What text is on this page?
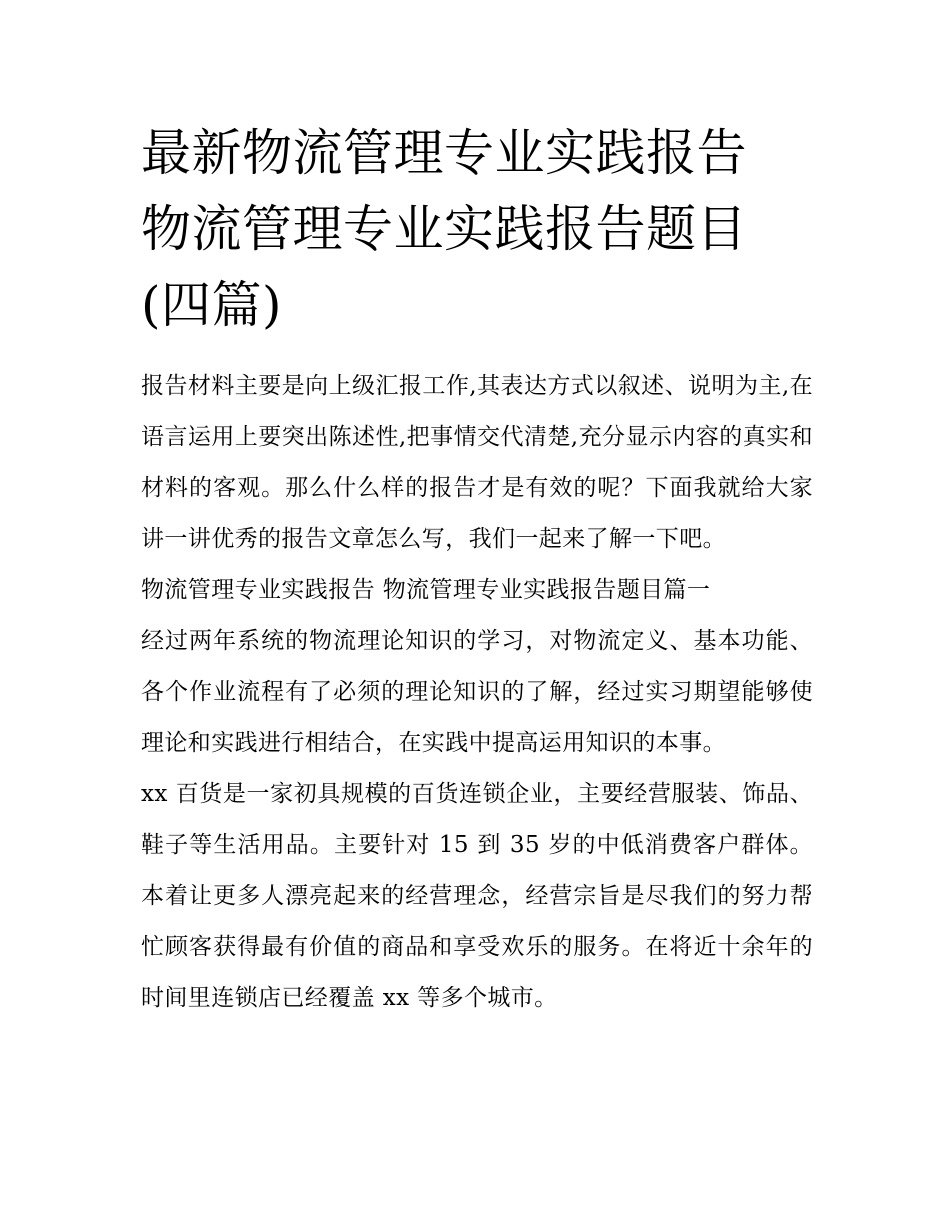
最新物流管理专业实践报告 物流管理专业实践报告题目(四篇)

报告材料主要是向上级汇报工作,其表达方式以叙述、说明为主,在语言运用上要突出陈述性,把事情交代清楚,充分显示内容的真实和材料的客观。那么什么样的报告才是有效的呢？下面我就给大家讲一讲优秀的报告文章怎么写，我们一起来了解一下吧。

物流管理专业实践报告 物流管理专业实践报告题目篇一

经过两年系统的物流理论知识的学习，对物流定义、基本功能、各个作业流程有了必须的理论知识的了解，经过实习期望能够使理论和实践进行相结合，在实践中提高运用知识的本事。

xx 百货是一家初具规模的百货连锁企业，主要经营服装、饰品、鞋子等生活用品。主要针对 15 到 35 岁的中低消费客户群体。本着让更多人漂亮起来的经营理念，经营宗旨是尽我们的努力帮忙顾客获得最有价值的商品和享受欢乐的服务。在将近十余年的时间里连锁店已经覆盖 xx 等多个城市。
